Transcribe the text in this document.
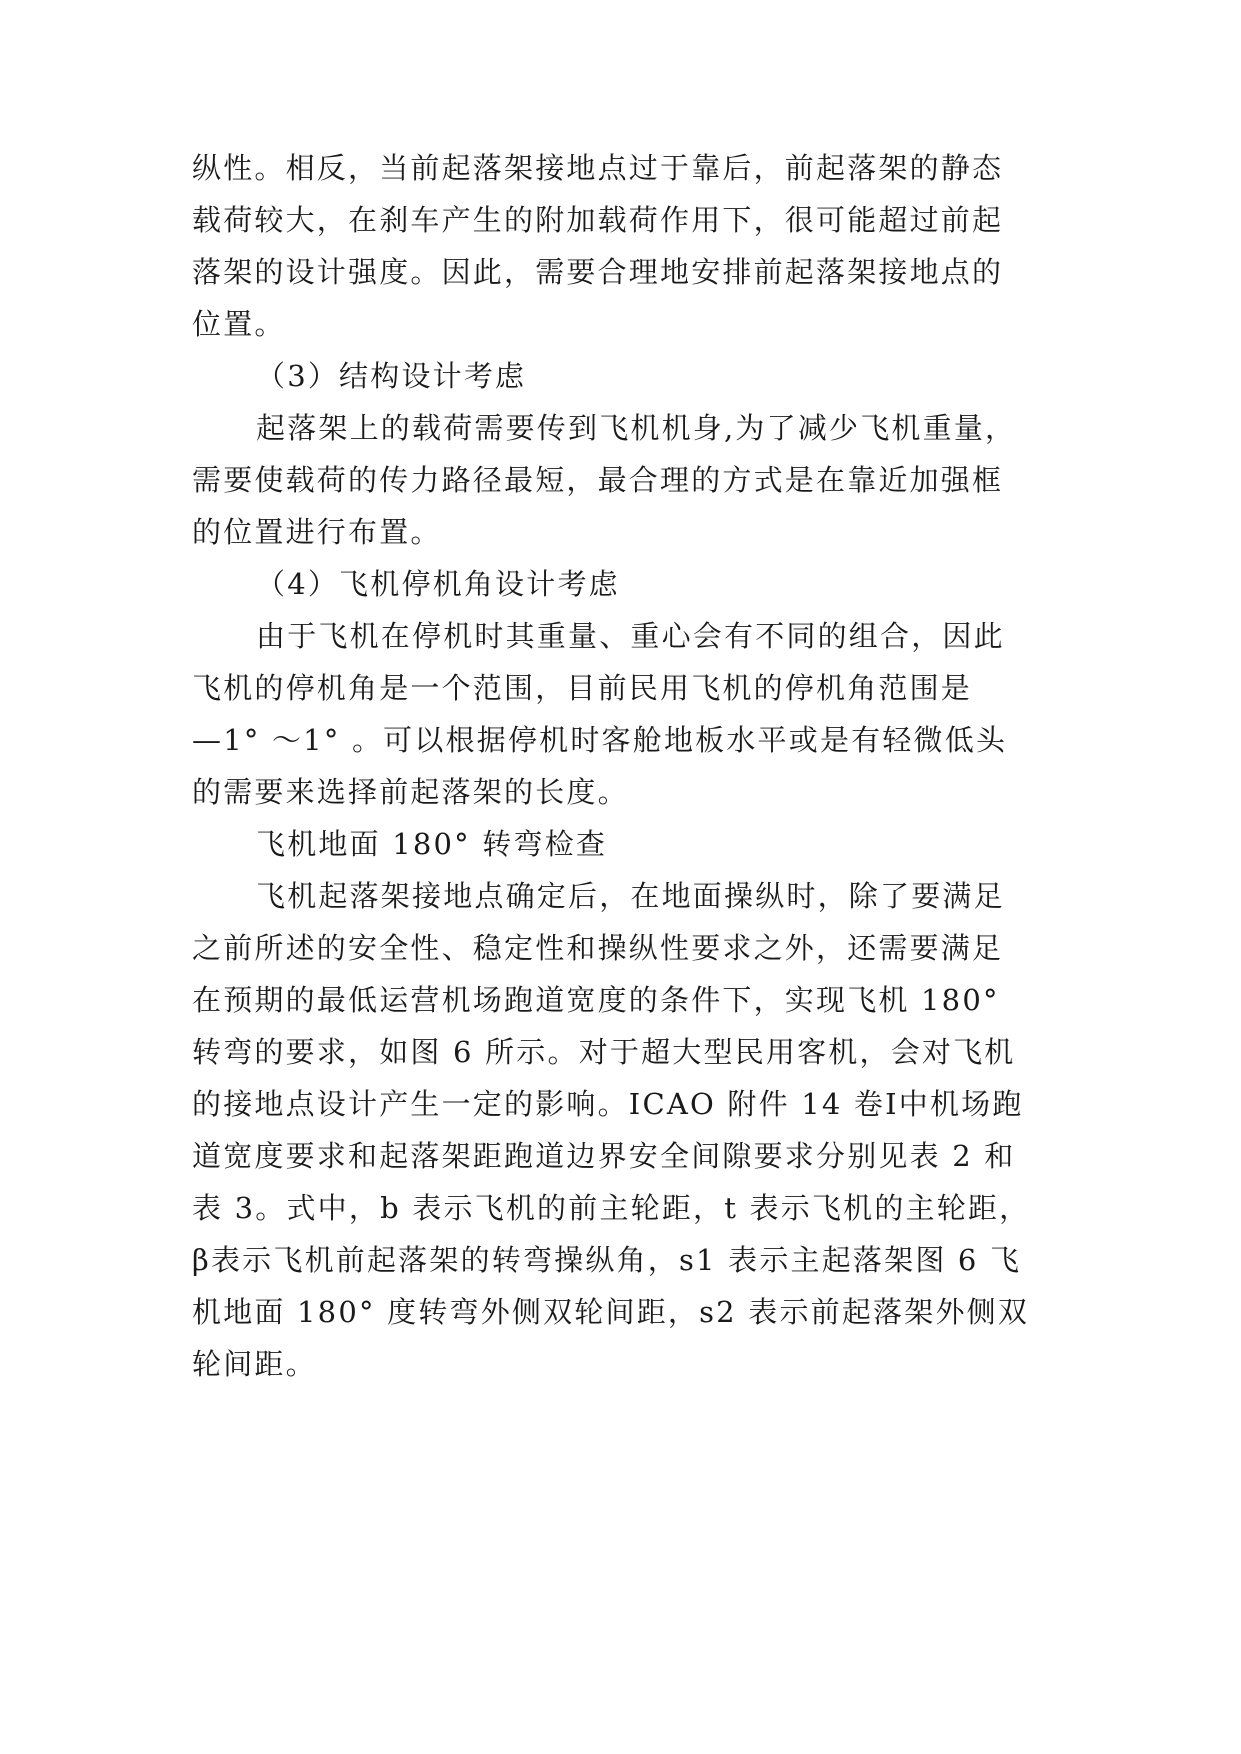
纵性。相反，当前起落架接地点过于靠后，前起落架的静态
载荷较大，在刹车产生的附加载荷作用下，很可能超过前起
落架的设计强度。因此，需要合理地安排前起落架接地点的
位置。
（3）结构设计考虑
起落架上的载荷需要传到飞机机身,为了减少飞机重量，
需要使载荷的传力路径最短，最合理的方式是在靠近加强框
的位置进行布置。
（4）飞机停机角设计考虑
由于飞机在停机时其重量、重心会有不同的组合，因此
飞机的停机角是一个范围，目前民用飞机的停机角范围是
—1° ～1° 。可以根据停机时客舱地板水平或是有轻微低头
的需要来选择前起落架的长度。
飞机地面 180° 转弯检查
飞机起落架接地点确定后，在地面操纵时，除了要满足
之前所述的安全性、稳定性和操纵性要求之外，还需要满足
在预期的最低运营机场跑道宽度的条件下，实现飞机 180°
转弯的要求，如图 6 所示。对于超大型民用客机，会对飞机
的接地点设计产生一定的影响。ICAO 附件 14 卷Ⅰ中机场跑
道宽度要求和起落架距跑道边界安全间隙要求分别见表 2 和
表 3。式中，b 表示飞机的前主轮距，t 表示飞机的主轮距，
β表示飞机前起落架的转弯操纵角，s1 表示主起落架图 6 飞
机地面 180° 度转弯外侧双轮间距，s2 表示前起落架外侧双
轮间距。
